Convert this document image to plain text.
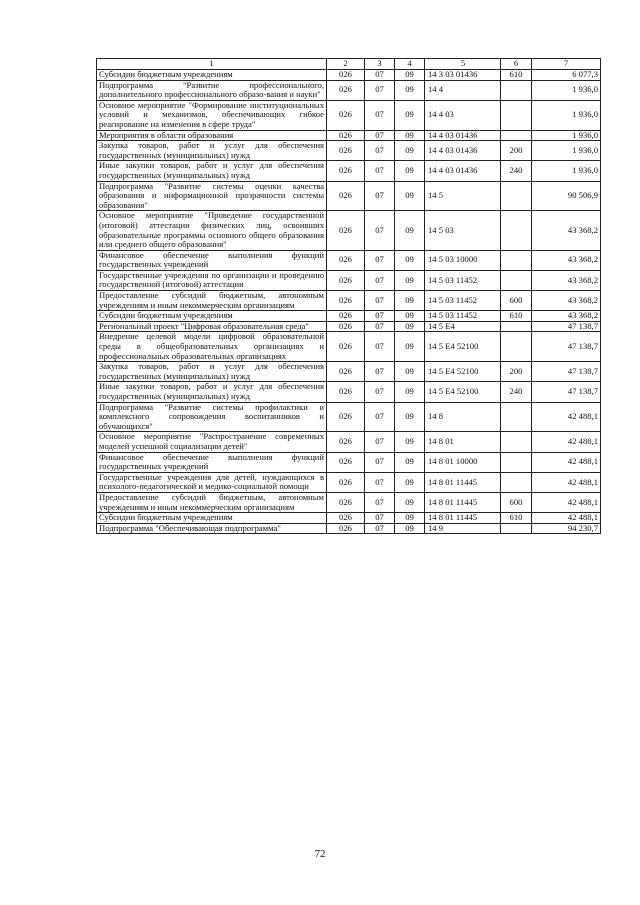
1	2	3	4	5	6	7
Субсидии бюджетным учреждениям	026	07	09	14 3 03 01436	610	6 077,3
Подпрограмма "Развитие профессионального, дополнительного профессионального образо-вания и науки"	026	07	09	14 4		1 936,0
Основное мероприятие "Формирование институциональных условий и механизмов, обеспечивающих гибкое реагирование на изменения в сфере труда"	026	07	09	14 4 03		1 936,0
Мероприятия в области образования	026	07	09	14 4 03 01436		1 936,0
Закупка товаров, работ и услуг для обеспечения государственных (муниципальных) нужд	026	07	09	14 4 03 01436	200	1 936,0
Иные закупки товаров, работ и услуг для обеспечения государственных (муниципальных) нужд	026	07	09	14 4 03 01436	240	1 936,0
Подпрограмма "Развитие системы оценки качества образования и информационной прозрачности системы образования"	026	07	09	14 5		90 506,9
Основное мероприятие "Проведение государственной (итоговой) аттестации физических лиц, освоивших образовательные программы основного общего образования или среднего общего образования"	026	07	09	14 5 03		43 368,2
Финансовое обеспечение выполнения функций государственных учреждений	026	07	09	14 5 03 10000		43 368,2
Государственные учреждения по организации и проведению государственной (итоговой) аттестации	026	07	09	14 5 03 11452		43 368,2
Предоставление субсидий бюджетным, автономным учреждениям и иным некоммерческим организациям	026	07	09	14 5 03 11452	600	43 368,2
Субсидии бюджетным учреждениям	026	07	09	14 5 03 11452	610	43 368,2
Региональный проект "Цифровая образовательная среда"	026	07	09	14 5 E4		47 138,7
Внедрение целевой модели цифровой образовательной среды в общеобразовательных организациях и профессиональных образовательных организациях	026	07	09	14 5 E4 52100		47 138,7
Закупка товаров, работ и услуг для обеспечения государственных (муниципальных) нужд	026	07	09	14 5 E4 52100	200	47 138,7
Иные закупки товаров, работ и услуг для обеспечения государственных (муниципальных) нужд	026	07	09	14 5 E4 52100	240	47 138,7
Подпрограмма "Развитие системы профилактики и комплексного сопровождения воспитанников и обучающихся"	026	07	09	14 8		42 488,1
Основное мероприятие "Распространение современных моделей успешной социализации детей"	026	07	09	14 8 01		42 488,1
Финансовое обеспечение выполнения функций государственных учреждений	026	07	09	14 8 01 10000		42 488,1
Государственные учреждения для детей, нуждающихся в психолого-педагогической и медико-социальной помощи	026	07	09	14 8 01 11445		42 488,1
Предоставление субсидий бюджетным, автономным учреждениям и иным некоммерческим организациям	026	07	09	14 8 01 11445	600	42 488,1
Субсидии бюджетным учреждениям	026	07	09	14 8 01 11445	610	42 488,1
Подпрограмма "Обеспечивающая подпрограмма"	026	07	09	14 9		94 230,7
72
